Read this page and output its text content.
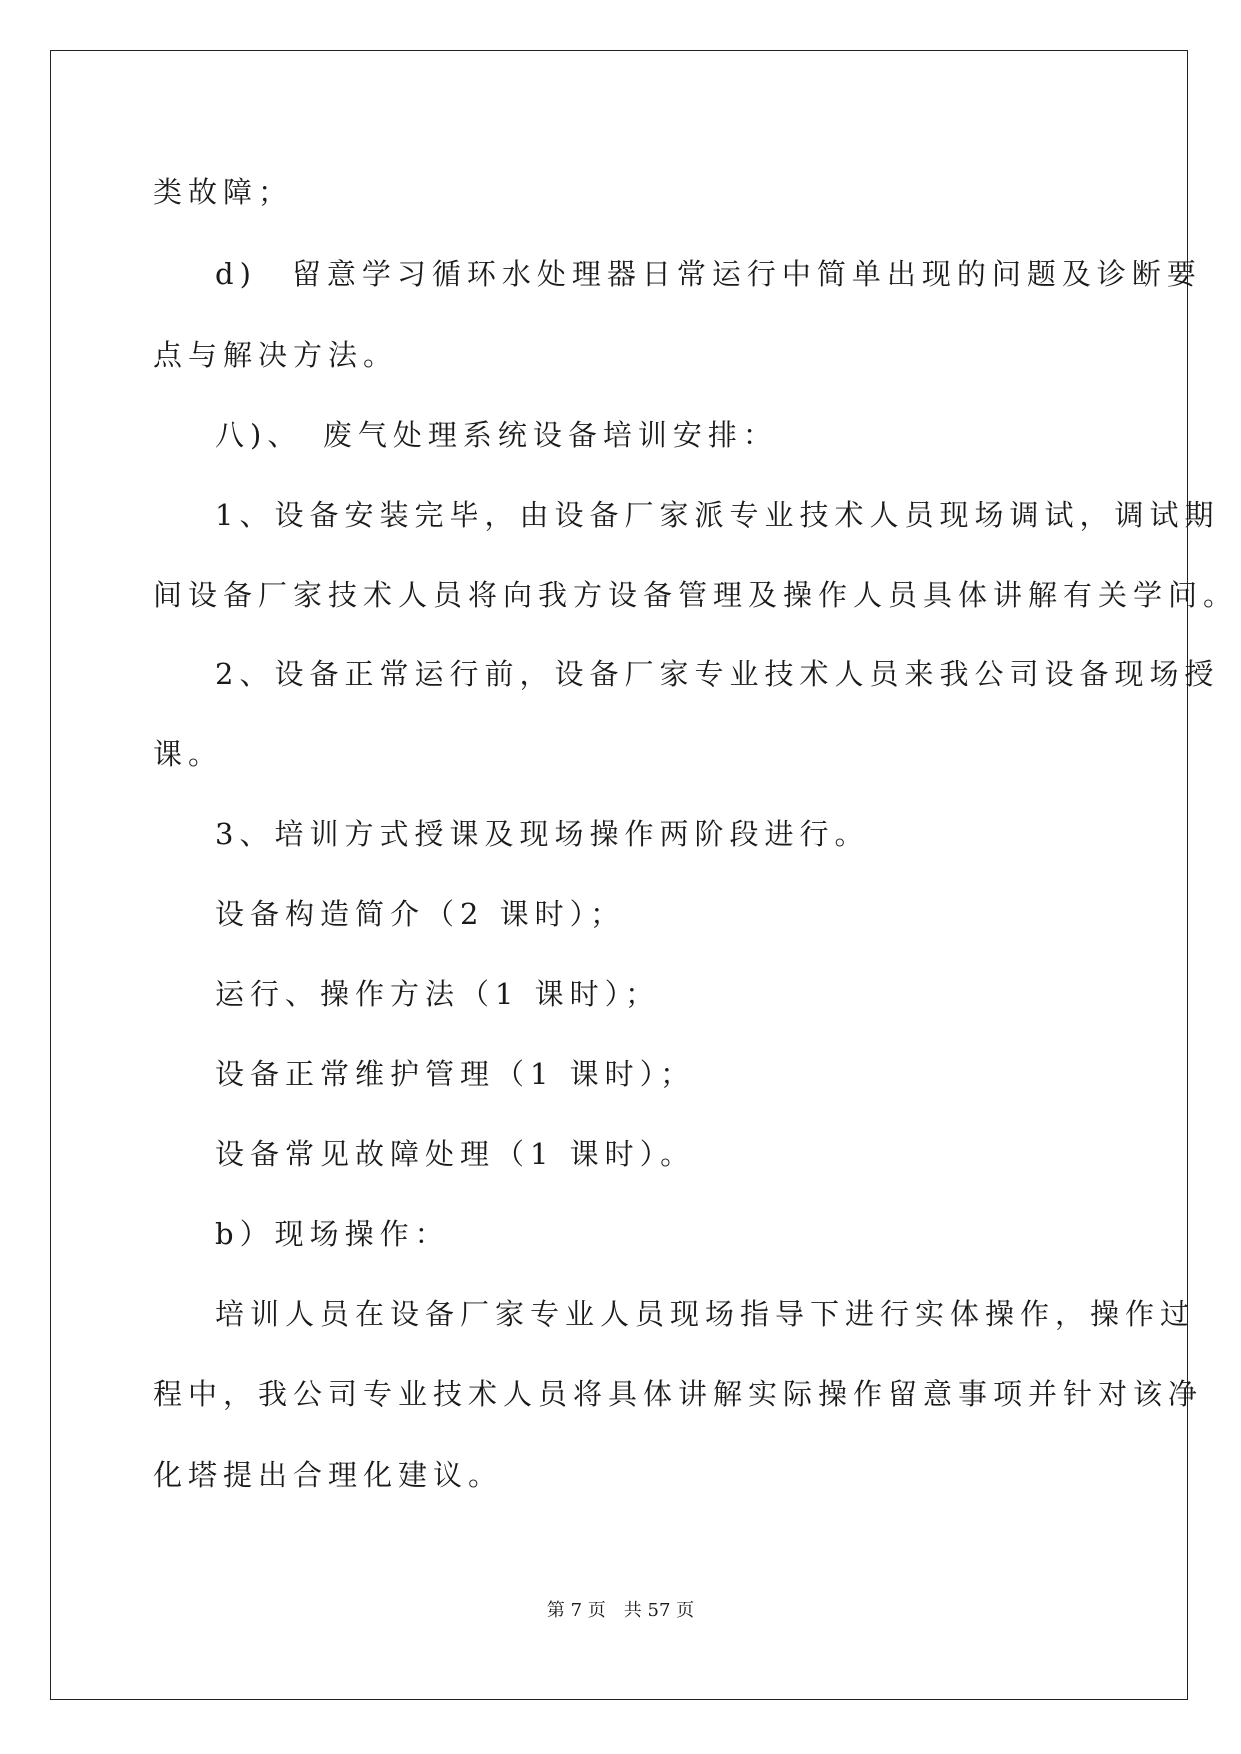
类故障；
d)　留意学习循环水处理器日常运行中简单出现的问题及诊断要
点与解决方法。
八)、　废气处理系统设备培训安排：
1、设备安装完毕，由设备厂家派专业技术人员现场调试，调试期
间设备厂家技术人员将向我方设备管理及操作人员具体讲解有关学问。
2、设备正常运行前，设备厂家专业技术人员来我公司设备现场授
课。
3、培训方式授课及现场操作两阶段进行。
设备构造简介（2 课时）；
运行、操作方法（1 课时）；
设备正常维护管理（1 课时）；
设备常见故障处理（1 课时）。
b）现场操作：
培训人员在设备厂家专业人员现场指导下进行实体操作，操作过
程中，我公司专业技术人员将具体讲解实际操作留意事项并针对该净
化塔提出合理化建议。
第 7 页　共 57 页
